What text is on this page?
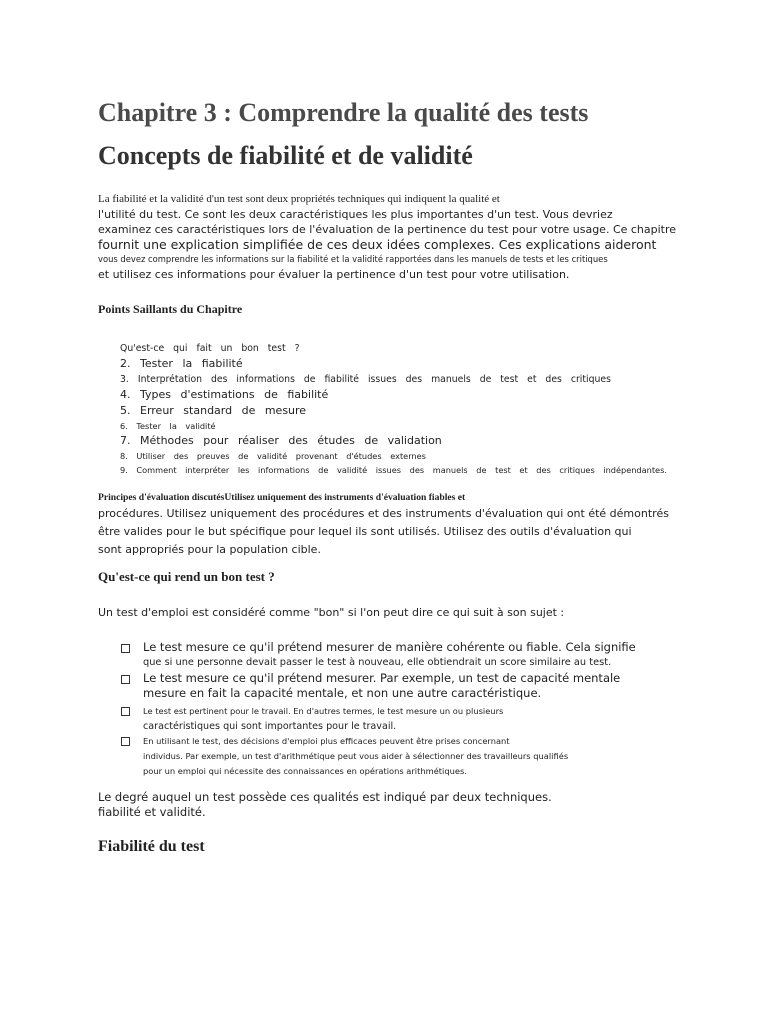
Chapitre 3 : Comprendre la qualité des tests
Concepts de fiabilité et de validité
La fiabilité et la validité d'un test sont deux propriétés techniques qui indiquent la qualité et
l'utilité du test. Ce sont les deux caractéristiques les plus importantes d'un test. Vous devriez
examinez ces caractéristiques lors de l'évaluation de la pertinence du test pour votre usage. Ce chapitre
fournit une explication simplifiée de ces deux idées complexes. Ces explications aideront
vous devez comprendre les informations sur la fiabilité et la validité rapportées dans les manuels de tests et les critiques
et utilisez ces informations pour évaluer la pertinence d'un test pour votre utilisation.
Points Saillants du Chapitre
Qu'est-ce qui fait un bon test ?
2. Tester la fiabilité
3. Interprétation des informations de fiabilité issues des manuels de test et des critiques
4. Types d'estimations de fiabilité
5. Erreur standard de mesure
6. Tester la validité
7. Méthodes pour réaliser des études de validation
8. Utiliser des preuves de validité provenant d'études externes
9. Comment interpréter les informations de validité issues des manuels de test et des critiques indépendantes.
Principes d'évaluation discutésUtilisez uniquement des instruments d'évaluation fiables et
procédures. Utilisez uniquement des procédures et des instruments d'évaluation qui ont été démontrés
être valides pour le but spécifique pour lequel ils sont utilisés. Utilisez des outils d'évaluation qui
sont appropriés pour la population cible.
Qu'est-ce qui rend un bon test ?
Un test d'emploi est considéré comme "bon" si l'on peut dire ce qui suit à son sujet :
Le test mesure ce qu'il prétend mesurer de manière cohérente ou fiable. Cela signifie
que si une personne devait passer le test à nouveau, elle obtiendrait un score similaire au test.
Le test mesure ce qu'il prétend mesurer. Par exemple, un test de capacité mentale
mesure en fait la capacité mentale, et non une autre caractéristique.
Le test est pertinent pour le travail. En d'autres termes, le test mesure un ou plusieurs
caractéristiques qui sont importantes pour le travail.
En utilisant le test, des décisions d'emploi plus efficaces peuvent être prises concernant
individus. Par exemple, un test d'arithmétique peut vous aider à sélectionner des travailleurs qualifiés
pour un emploi qui nécessite des connaissances en opérations arithmétiques.
Le degré auquel un test possède ces qualités est indiqué par deux techniques.
fiabilité et validité.
Fiabilité du test
